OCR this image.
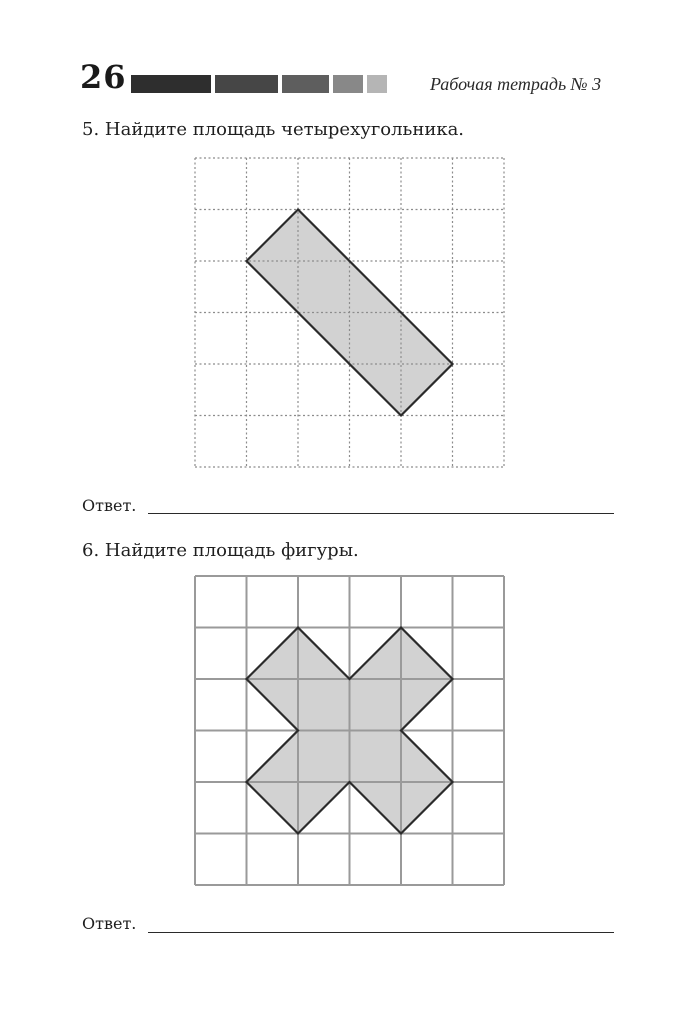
26	Рабочая тетрадь № 3
5. Найдите площадь четырехугольника.
Ответ.
6. Найдите площадь фигуры.
Ответ.
